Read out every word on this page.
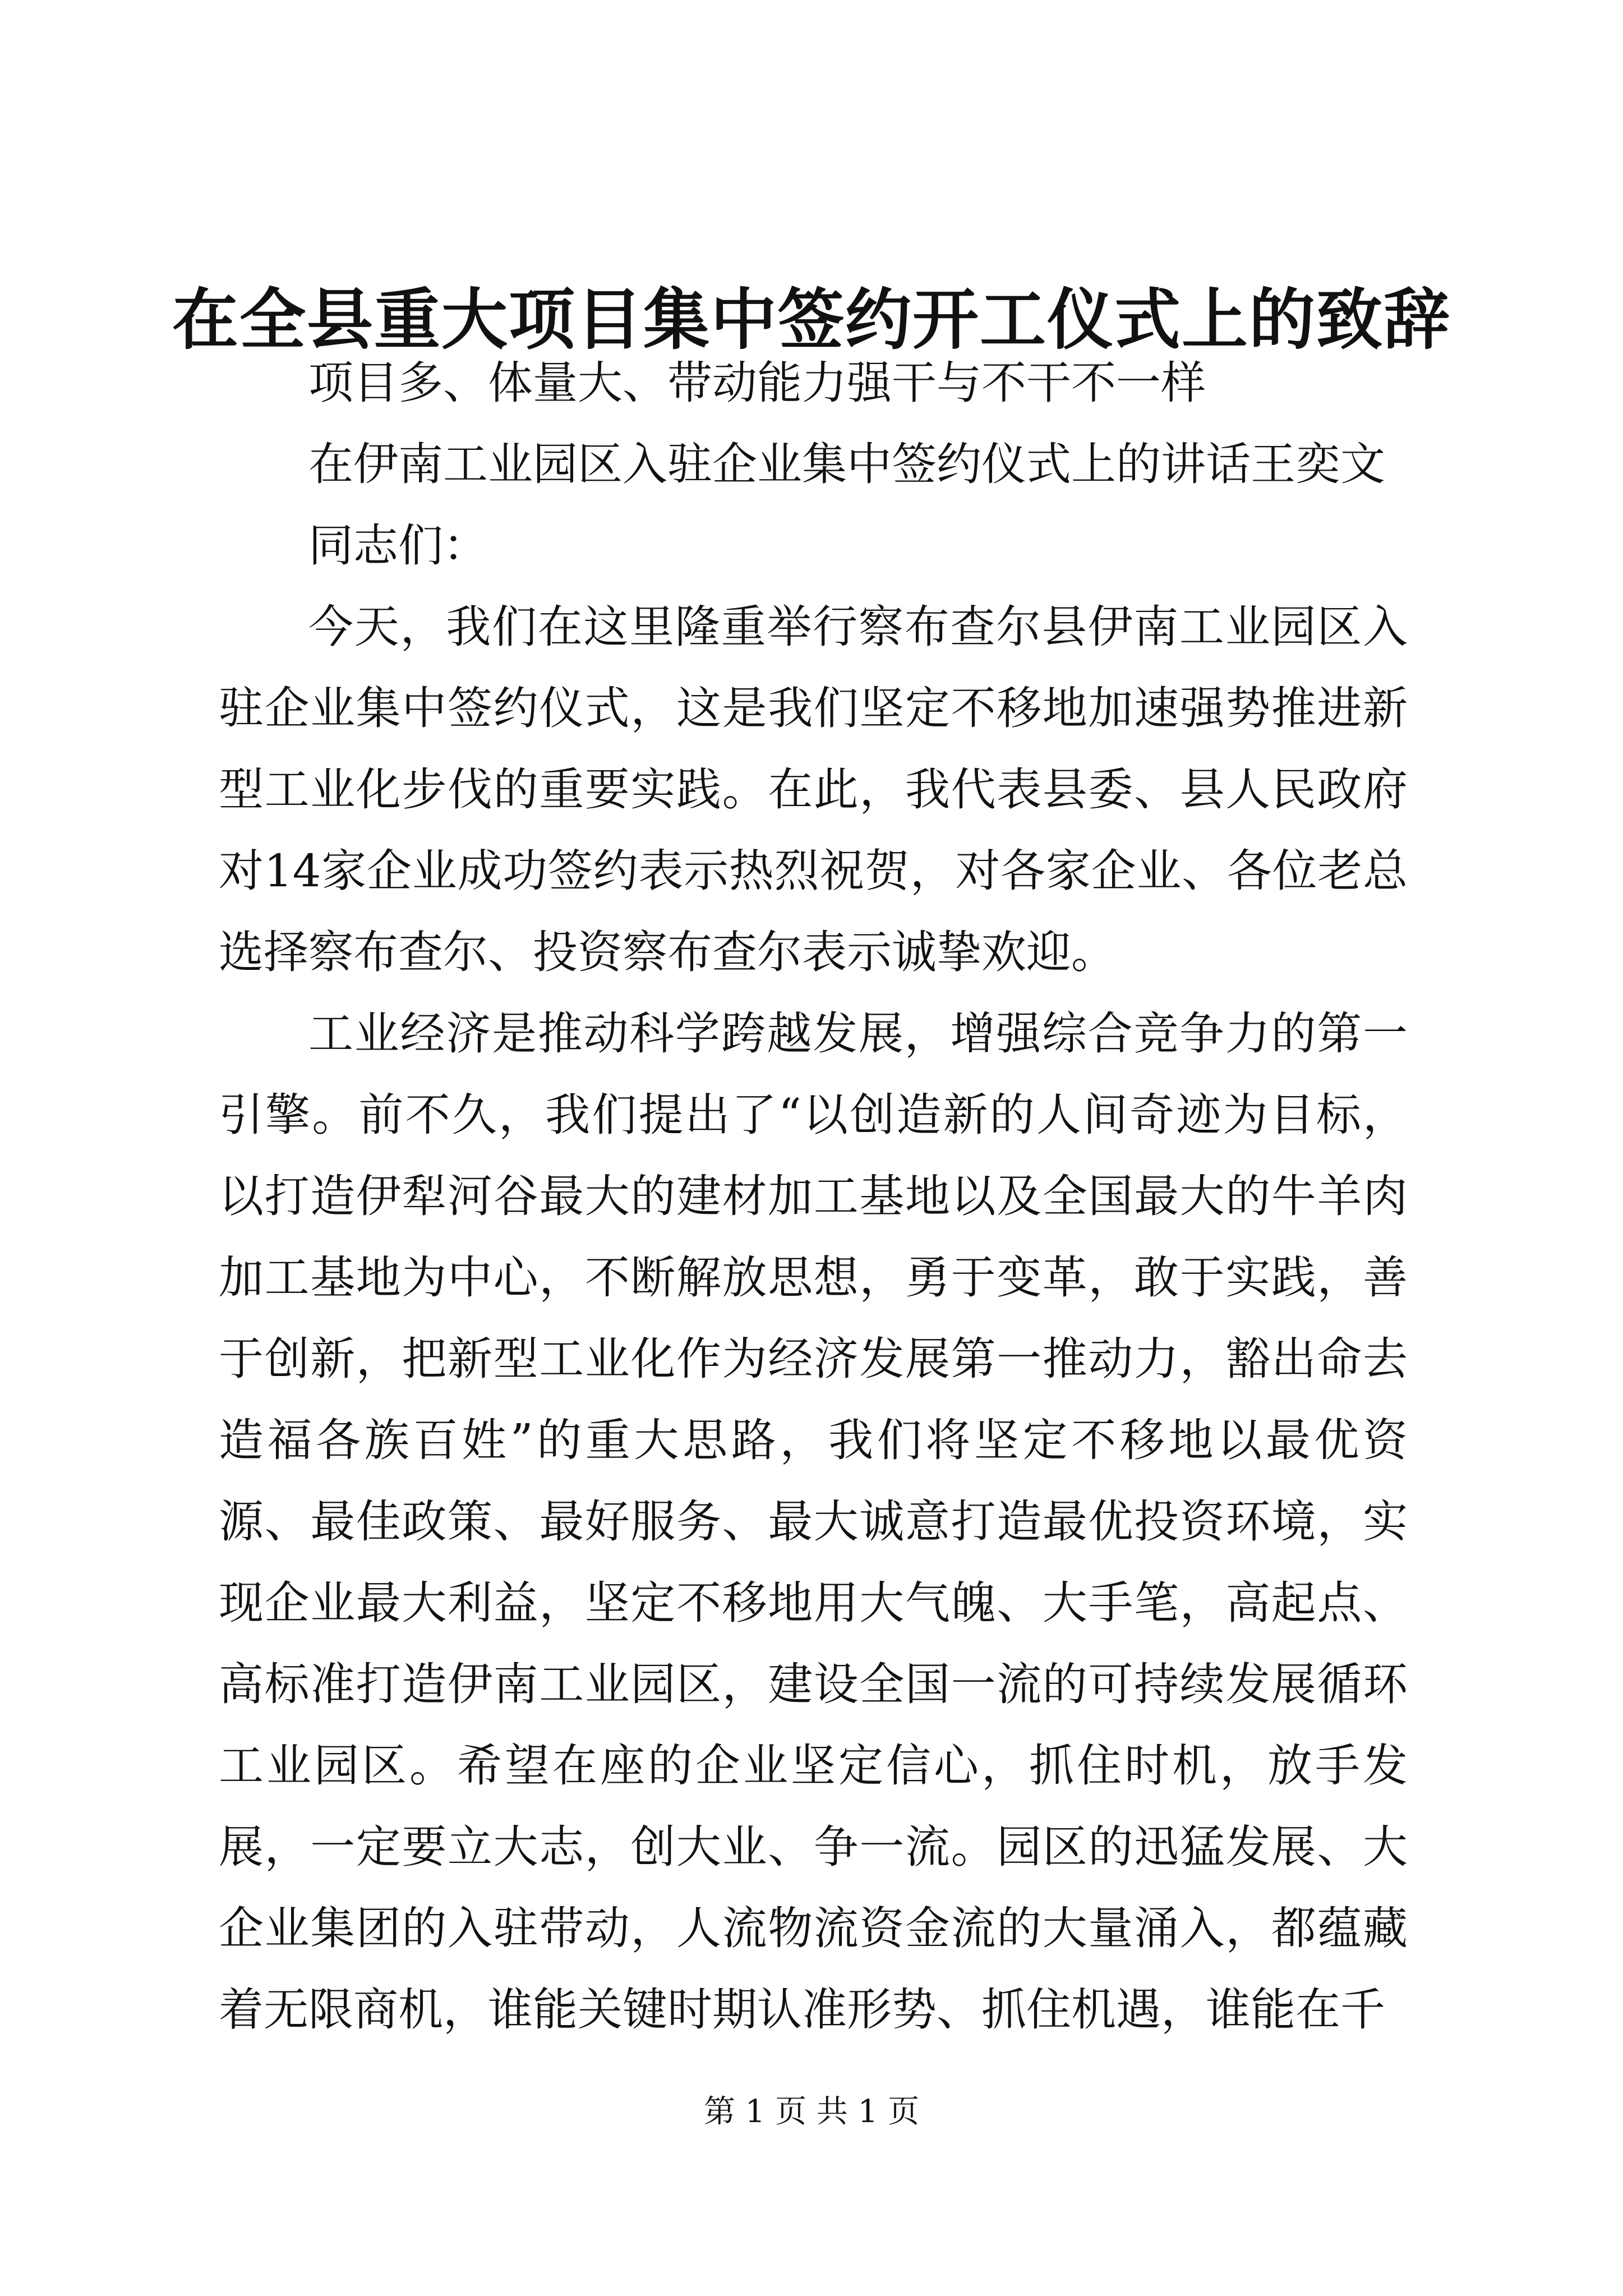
在全县重大项目集中签约开工仪式上的致辞

项目多、体量大、带动能力强干与不干不一样

在伊南工业园区入驻企业集中签约仪式上的讲话王奕文

同志们：

今天，我们在这里隆重举行察布查尔县伊南工业园区入驻企业集中签约仪式，这是我们坚定不移地加速强势推进新型工业化步伐的重要实践。在此，我代表县委、县人民政府对14家企业成功签约表示热烈祝贺，对各家企业、各位老总选择察布查尔、投资察布查尔表示诚挚欢迎。

工业经济是推动科学跨越发展，增强综合竞争力的第一引擎。前不久，我们提出了“以创造新的人间奇迹为目标，以打造伊犁河谷最大的建材加工基地以及全国最大的牛羊肉加工基地为中心，不断解放思想，勇于变革，敢于实践，善于创新，把新型工业化作为经济发展第一推动力，豁出命去造福各族百姓”的重大思路，我们将坚定不移地以最优资源、最佳政策、最好服务、最大诚意打造最优投资环境，实现企业最大利益，坚定不移地用大气魄、大手笔，高起点、高标准打造伊南工业园区，建设全国一流的可持续发展循环工业园区。希望在座的企业坚定信心，抓住时机，放手发展，一定要立大志，创大业、争一流。园区的迅猛发展、大企业集团的入驻带动，人流物流资金流的大量涌入，都蕴藏着无限商机，谁能关键时期认准形势、抓住机遇，谁能在千

第 1 页 共 1 页
